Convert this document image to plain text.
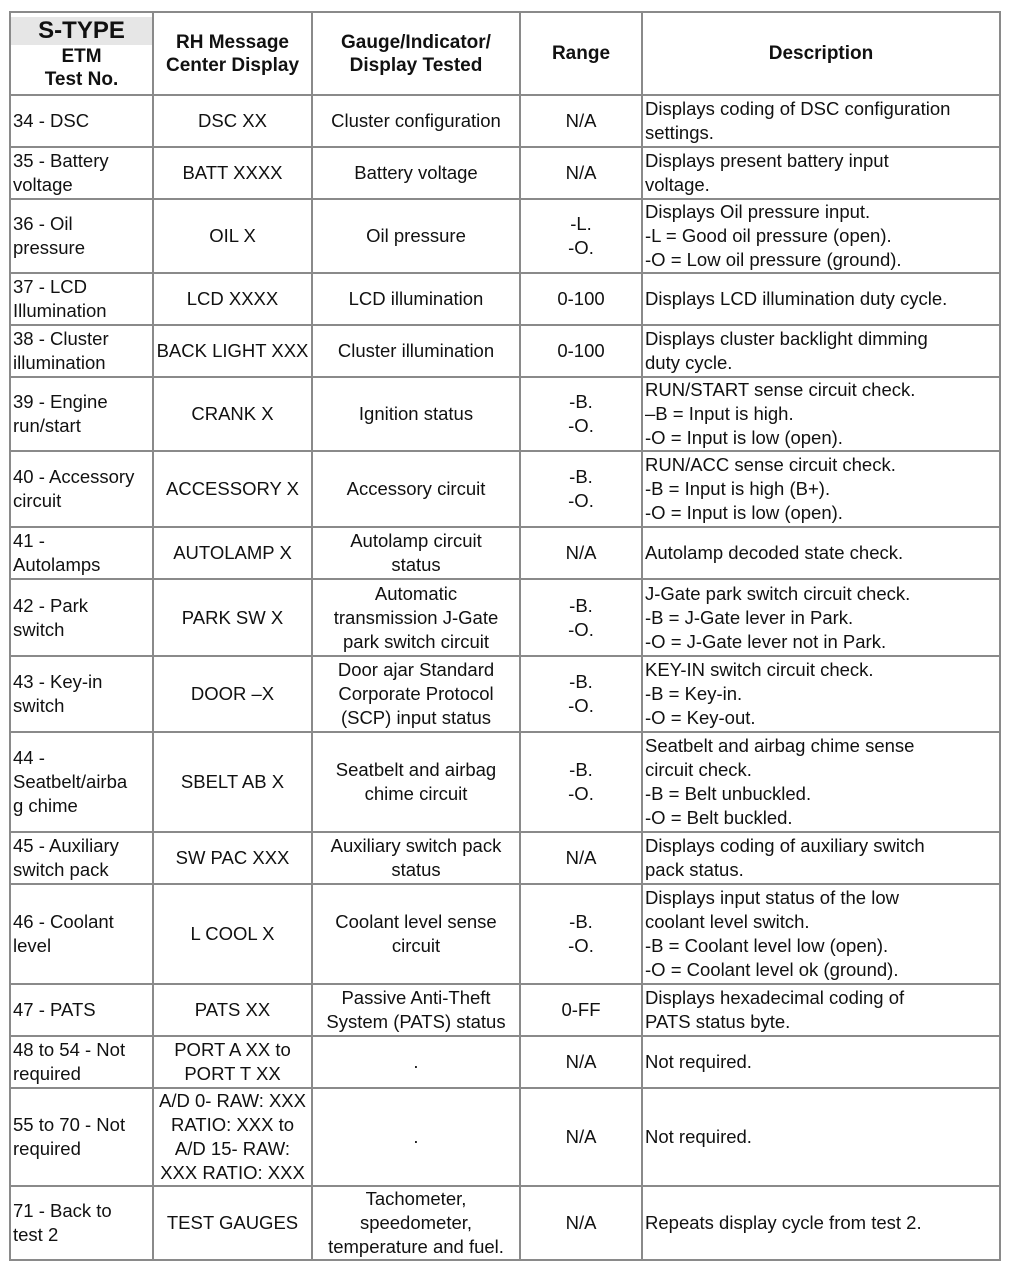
S-TYPE
ETM
Test No.	RH Message
Center Display	Gauge/Indicator/
Display Tested	Range	Description

34 - DSC	DSC XX	Cluster configuration	N/A	Displays coding of DSC configuration
settings.

35 - Battery
voltage	BATT XXXX	Battery voltage	N/A	Displays present battery input
voltage.

36 - Oil
pressure	OIL X	Oil pressure	-L.
-O.	Displays Oil pressure input.
-L = Good oil pressure (open).
-O = Low oil pressure (ground).

37 - LCD
Illumination	LCD XXXX	LCD illumination	0-100	Displays LCD illumination duty cycle.

38 - Cluster
illumination	BACK LIGHT XXX	Cluster illumination	0-100	Displays cluster backlight dimming
duty cycle.

39 - Engine
run/start	CRANK X	Ignition status	-B.
-O.	RUN/START sense circuit check.
–B = Input is high.
-O = Input is low (open).

40 - Accessory
circuit	ACCESSORY X	Accessory circuit	-B.
-O.	RUN/ACC sense circuit check.
-B = Input is high (B+).
-O = Input is low (open).

41 -
Autolamps	AUTOLAMP X	Autolamp circuit
status	N/A	Autolamp decoded state check.

42 - Park
switch	PARK SW X	Automatic
transmission J-Gate
park switch circuit	-B.
-O.	J-Gate park switch circuit check.
-B = J-Gate lever in Park.
-O = J-Gate lever not in Park.

43 - Key-in
switch	DOOR –X	Door ajar Standard
Corporate Protocol
(SCP) input status	-B.
-O.	KEY-IN switch circuit check.
-B = Key-in.
-O = Key-out.

44 -
Seatbelt/airba
g chime	SBELT AB X	Seatbelt and airbag
chime circuit	-B.
-O.	Seatbelt and airbag chime sense
circuit check.
-B = Belt unbuckled.
-O = Belt buckled.

45 - Auxiliary
switch pack	SW PAC XXX	Auxiliary switch pack
status	N/A	Displays coding of auxiliary switch
pack status.

46 - Coolant
level	L COOL X	Coolant level sense
circuit	-B.
-O.	Displays input status of the low
coolant level switch.
-B = Coolant level low (open).
-O = Coolant level ok (ground).

47 - PATS	PATS XX	Passive Anti-Theft
System (PATS) status	0-FF	Displays hexadecimal coding of
PATS status byte.

48 to 54 - Not
required	PORT A XX to
PORT T XX	.	N/A	Not required.

55 to 70 - Not
required	A/D 0- RAW: XXX
RATIO: XXX to
A/D 15- RAW:
XXX RATIO: XXX	.	N/A	Not required.

71 - Back to
test 2	TEST GAUGES	Tachometer,
speedometer,
temperature and fuel.	N/A	Repeats display cycle from test 2.
